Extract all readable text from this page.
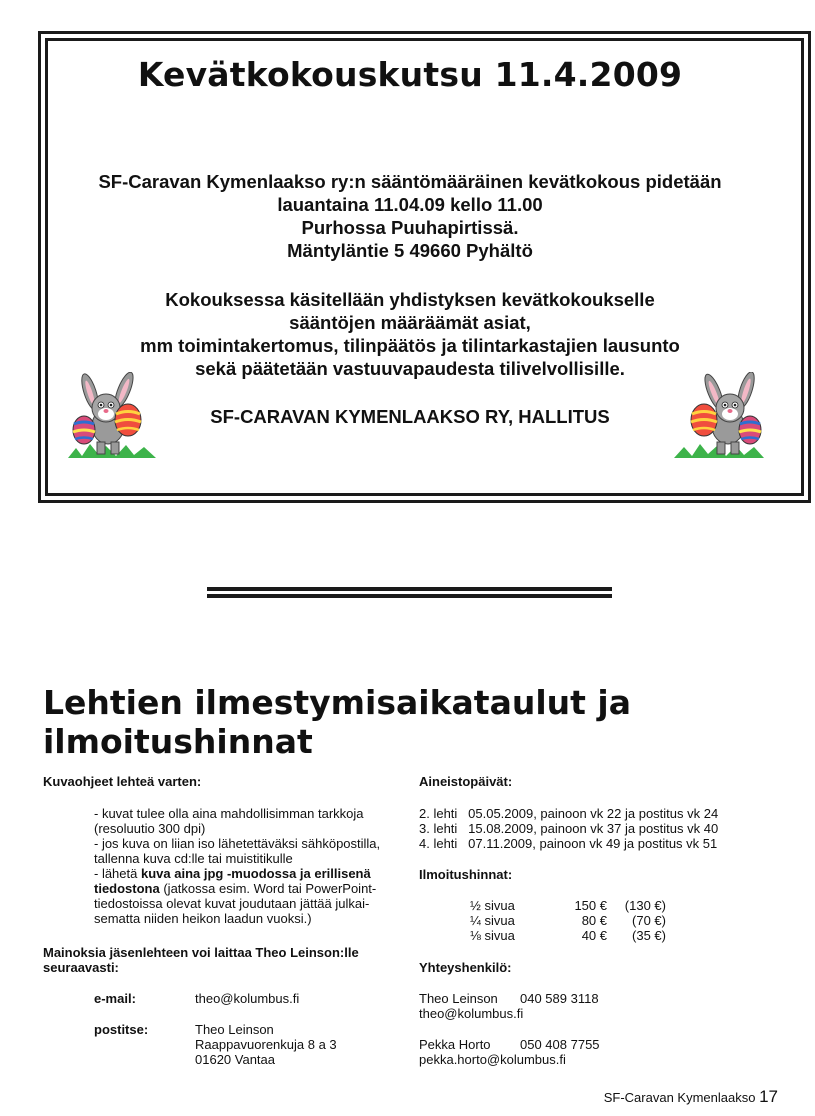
Kevätkokouskutsu 11.4.2009
SF-Caravan Kymenlaakso ry:n sääntömääräinen kevätkokous pidetään
lauantaina 11.04.09 kello 11.00
Purhossa Puuhapirtissä.
Mäntyläntie 5 49660 Pyhältö
Kokouksessa käsitellään yhdistyksen kevätkokoukselle
sääntöjen määräämät asiat,
mm toimintakertomus, tilinpäätös ja tilintarkastajien lausunto
sekä päätetään vastuuvapaudesta tilivelvollisille.
SF-CARAVAN KYMENLAAKSO RY, HALLITUS
Lehtien ilmestymisaikataulut ja
ilmoitushinnat
Kuvaohjeet lehteä varten:
- kuvat tulee olla aina mahdollisimman tarkkoja
(resoluutio 300 dpi)
- jos kuva on liian iso lähetettäväksi sähköpostilla,
tallenna kuva cd:lle tai muistitikulle
- lähetä kuva aina jpg -muodossa ja erillisenä
tiedostona (jatkossa esim. Word tai PowerPoint-
tiedostoissa olevat kuvat joudutaan jättää julkai-
sematta niiden heikon laadun vuoksi.)
Mainoksia jäsenlehteen voi laittaa Theo Leinson:lle
seuraavasti:
e-mail:	theo@kolumbus.fi
postitse:	Theo Leinson
Raappavuorenkuja 8 a 3
01620 Vantaa
Aineistopäivät:
2. lehti   05.05.2009, painoon vk 22 ja postitus vk 24
3. lehti   15.08.2009, painoon vk 37 ja postitus vk 40
4. lehti   07.11.2009, painoon vk 49 ja postitus vk 51
Ilmoitushinnat:
½ sivua	150 €	(130 €)
¼ sivua	80 €	(70 €)
⅛ sivua	40 €	(35 €)
Yhteyshenkilö:
Theo Leinson 040 589 3118
theo@kolumbus.fi
Pekka Horto 050 408 7755
pekka.horto@kolumbus.fi
SF-Caravan Kymenlaakso 17
